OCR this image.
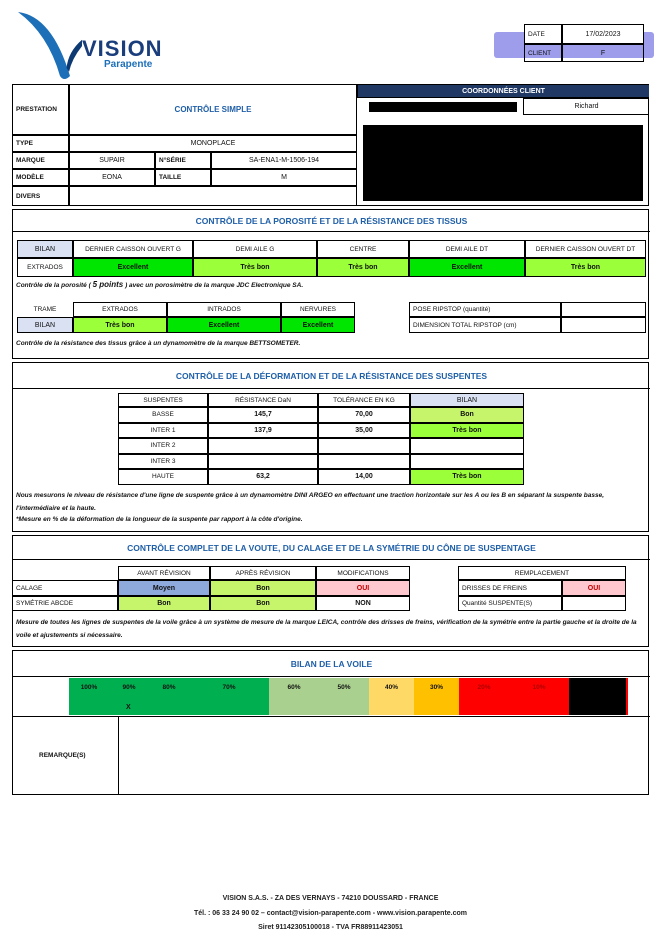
VISION
Parapente
DATE	17/02/2023
CLIENT	F
PRESTATION	CONTRÔLE SIMPLE
TYPE	MONOPLACE
MARQUE	SUPAIR	N°SÉRIE	SA-ENA1-M-1506-194
MODÈLE	EONA	TAILLE	M
DIVERS
COORDONNÉES CLIENT
Richard
CONTRÔLE DE LA POROSITÉ ET DE LA RÉSISTANCE DES TISSUS
BILAN	DERNIER CAISSON OUVERT G	DEMI AILE G	CENTRE	DEMI AILE DT	DERNIER CAISSON OUVERT DT
EXTRADOS	Excellent	Très bon	Très bon	Excellent	Très bon
Contrôle de la porosité ( 5 points ) avec un porosimètre de la marque JDC Electronique SA.
TRAME	EXTRADOS	INTRADOS	NERVURES
BILAN	Très bon	Excellent	Excellent
POSE RIPSTOP (quantité)
DIMENSION TOTAL RIPSTOP (cm)
Contrôle de la résistance des tissus grâce à un dynamomètre de la marque BETTSOMETER.
CONTRÔLE DE LA DÉFORMATION ET DE LA RÉSISTANCE DES SUSPENTES
SUSPENTES	RÉSISTANCE DaN	TOLÉRANCE EN KG	BILAN
BASSE	145,7	70,00	Bon
INTER 1	137,9	35,00	Très bon
INTER 2
INTER 3
HAUTE	63,2	14,00	Très bon
Nous mesurons le niveau de résistance d'une ligne de suspente grâce à un dynamomètre DINI ARGEO en effectuant une traction horizontale sur les A ou les B en séparant la suspente basse, l'intermédiaire et la haute.
*Mesure en % de la déformation de la longueur de la suspente par rapport à la côte d'origine.
CONTRÔLE COMPLET DE LA VOUTE, DU CALAGE ET DE LA SYMÉTRIE DU CÔNE DE SUSPENTAGE
AVANT RÉVISION	APRÈS RÉVISION	MODIFICATIONS
CALAGE	Moyen	Bon	OUI
SYMÉTRIE ABCDE	Bon	Bon	NON
REMPLACEMENT
DRISSES DE FREINS	OUI
Quantité SUSPENTE(S)
Mesure de toutes les lignes de suspentes de la voile grâce à un système de mesure de la marque LEICA, contrôle des drisses de freins, vérification de la symétrie entre la partie gauche et la droite de la voile et ajustements si nécessaire.
BILAN DE LA VOILE
100%	90%	80%	70%	60%	50%	40%	30%	20%	10%
X
REMARQUE(S)
VISION S.A.S. - ZA DES VERNAYS - 74210 DOUSSARD - FRANCE
Tél. : 06 33 24 90 02 – contact@vision-parapente.com - www.vision.parapente.com
Siret 91142305100018 - TVA FR88911423051
